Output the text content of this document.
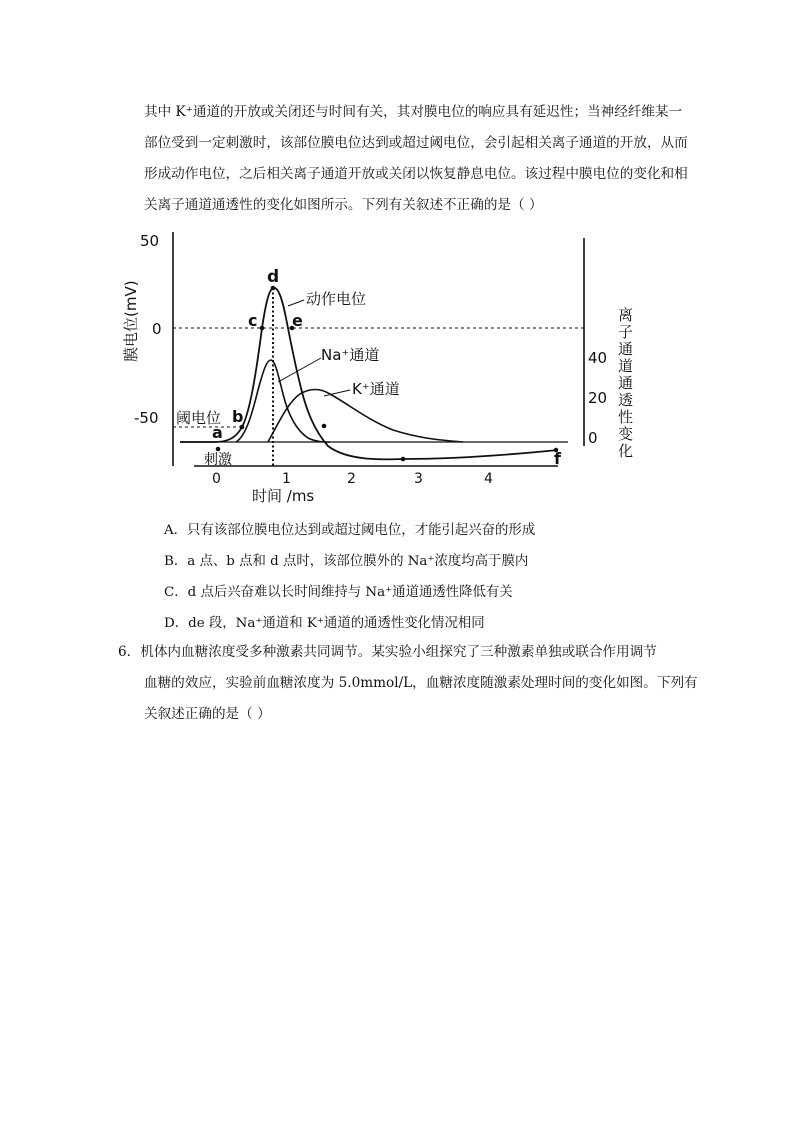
其中 K⁺通道的开放或关闭还与时间有关，其对膜电位的响应具有延迟性；当神经纤维某一
部位受到一定刺激时，该部位膜电位达到或超过阈电位，会引起相关离子通道的开放，从而
形成动作电位，之后相关离子通道开放或关闭以恢复静息电位。该过程中膜电位的变化和相
关离子通道通透性的变化如图所示。下列有关叙述不正确的是（ ）

50
0
-50
膜电位(mV)	40
20
0
离
子
通
道
通
透
性
变
化
0	1	2	3	4
时间 /ms
a
b
c
d
e
f
动作电位
Na⁺通道
K⁺通道
阈电位
刺激
A．只有该部位膜电位达到或超过阈电位，才能引起兴奋的形成
B．a 点、b 点和 d 点时，该部位膜外的 Na⁺浓度均高于膜内
C．d 点后兴奋难以长时间维持与 Na⁺通道通透性降低有关
D．de 段，Na⁺通道和 K⁺通道的通透性变化情况相同

6．机体内血糖浓度受多种激素共同调节。某实验小组探究了三种激素单独或联合作用调节
血糖的效应，实验前血糖浓度为 5.0mmol/L，血糖浓度随激素处理时间的变化如图。下列有
关叙述正确的是（ ）
